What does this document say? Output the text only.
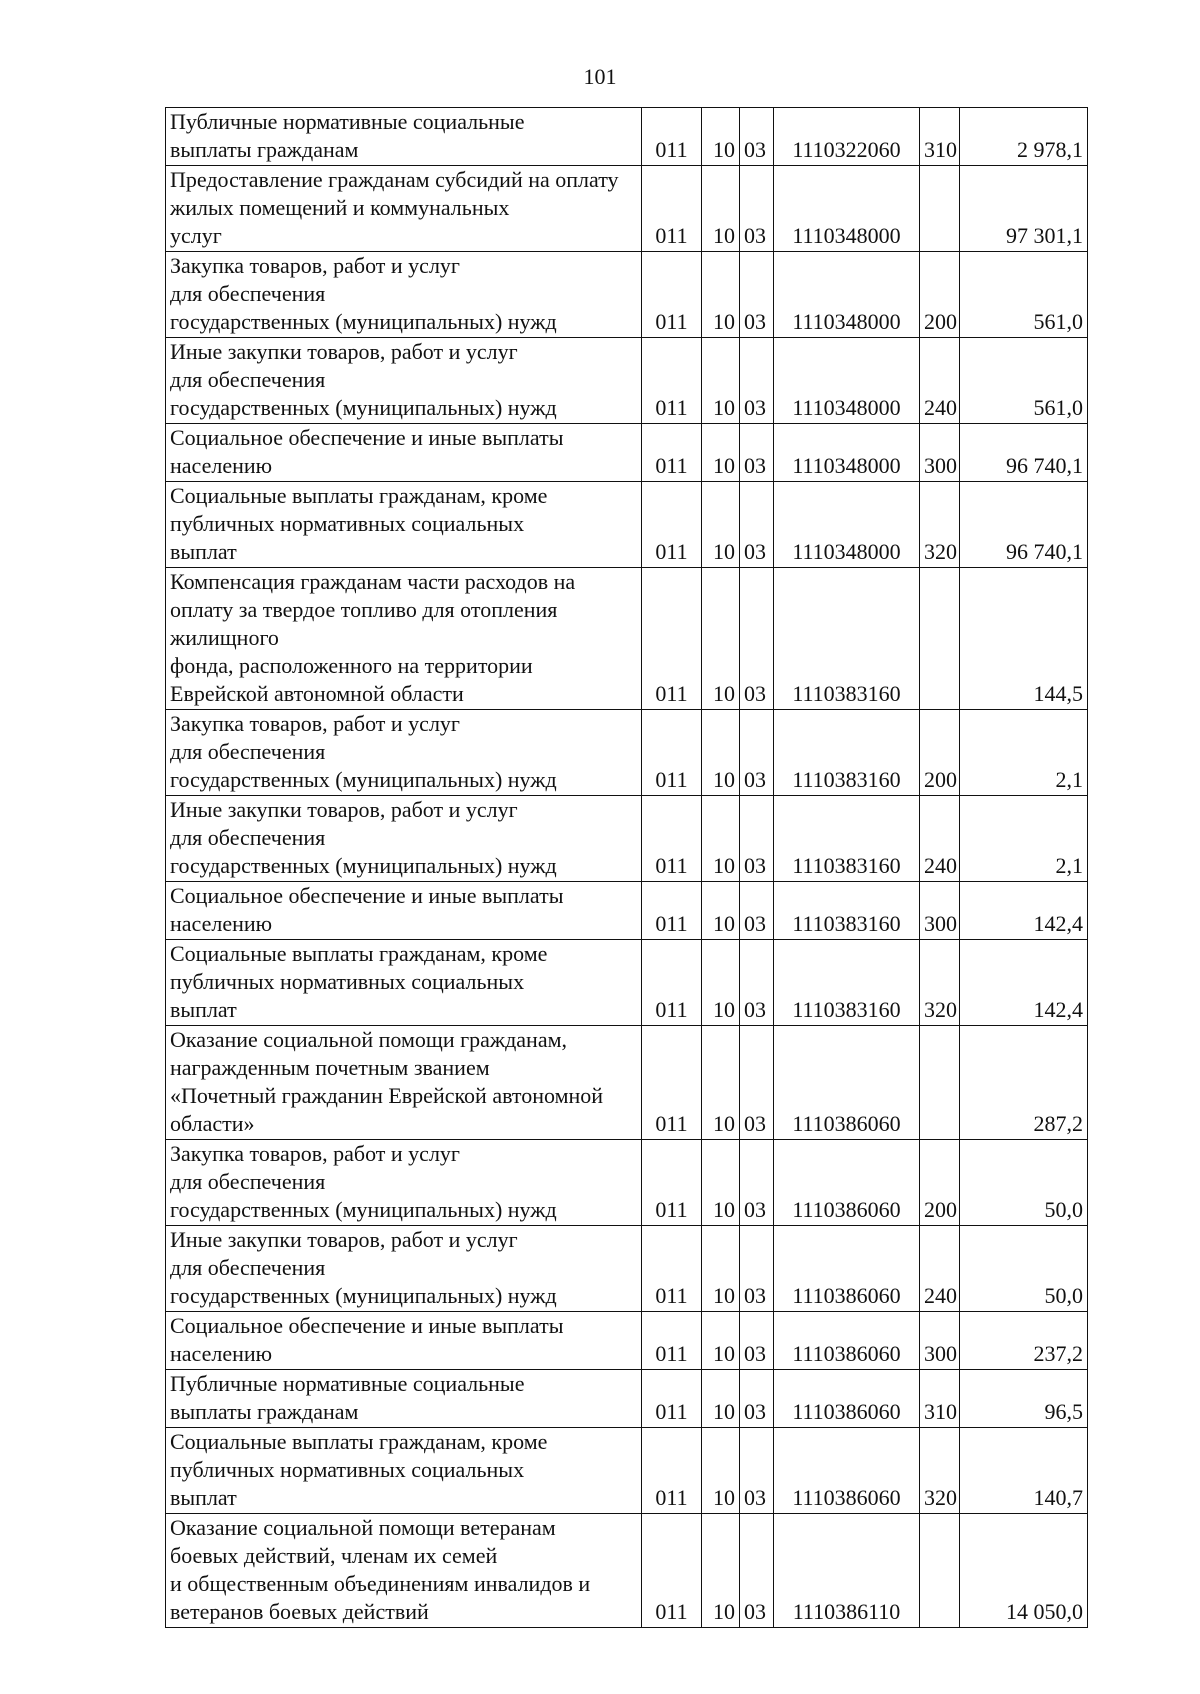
101
Публичные нормативные социальные
выплаты гражданам	011	10	03	1110322060	310	2 978,1

Предоставление гражданам субсидий на оплату
жилых помещений и коммунальных
услуг	011	10	03	1110348000		97 301,1

Закупка товаров, работ и услуг
для обеспечения
государственных (муниципальных) нужд	011	10	03	1110348000	200	561,0

Иные закупки товаров, работ и услуг
для обеспечения
государственных (муниципальных) нужд	011	10	03	1110348000	240	561,0

Социальное обеспечение и иные выплаты
населению	011	10	03	1110348000	300	96 740,1

Социальные выплаты гражданам, кроме
публичных нормативных социальных
выплат	011	10	03	1110348000	320	96 740,1

Компенсация гражданам части расходов на
оплату за твердое топливо для отопления жилищного
фонда, расположенного на территории
Еврейской автономной области	011	10	03	1110383160		144,5

Закупка товаров, работ и услуг
для обеспечения
государственных (муниципальных) нужд	011	10	03	1110383160	200	2,1

Иные закупки товаров, работ и услуг
для обеспечения
государственных (муниципальных) нужд	011	10	03	1110383160	240	2,1

Социальное обеспечение и иные выплаты
населению	011	10	03	1110383160	300	142,4

Социальные выплаты гражданам, кроме
публичных нормативных социальных
выплат	011	10	03	1110383160	320	142,4

Оказание социальной помощи гражданам,
награжденным почетным званием
«Почетный гражданин Еврейской автономной
области»	011	10	03	1110386060		287,2

Закупка товаров, работ и услуг
для обеспечения
государственных (муниципальных) нужд	011	10	03	1110386060	200	50,0

Иные закупки товаров, работ и услуг
для обеспечения
государственных (муниципальных) нужд	011	10	03	1110386060	240	50,0

Социальное обеспечение и иные выплаты
населению	011	10	03	1110386060	300	237,2

Публичные нормативные социальные
выплаты гражданам	011	10	03	1110386060	310	96,5

Социальные выплаты гражданам, кроме
публичных нормативных социальных
выплат	011	10	03	1110386060	320	140,7

Оказание социальной помощи ветеранам
боевых действий, членам их семей
и общественным объединениям инвалидов и
ветеранов боевых действий	011	10	03	1110386110		14 050,0
